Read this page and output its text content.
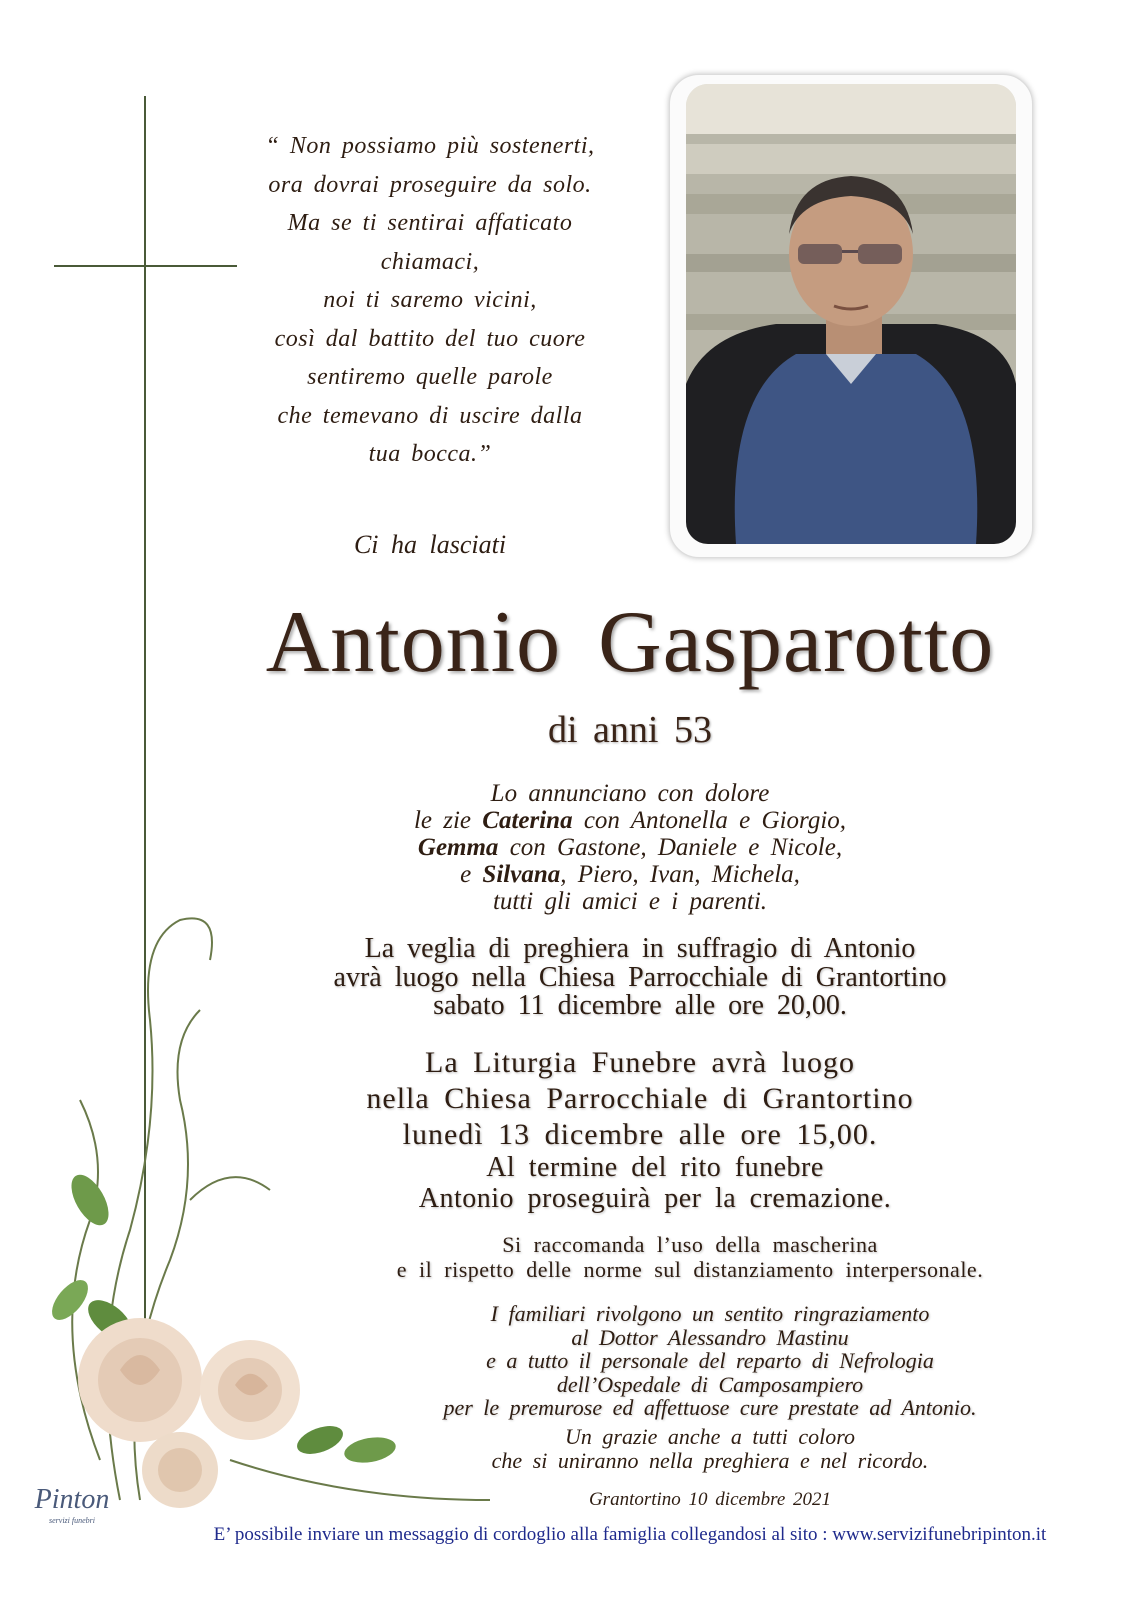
“ Non possiamo più sostenerti,
ora dovrai proseguire da solo.
Ma se ti sentirai affaticato
chiamaci,
noi ti saremo vicini,
così dal battito del tuo cuore
sentiremo quelle parole
che temevano di uscire dalla
tua bocca.”
Ci ha lasciati
Antonio Gasparotto
di anni 53
Lo annunciano con dolore
le zie Caterina con Antonella e Giorgio,
Gemma con Gastone, Daniele e Nicole,
e Silvana, Piero, Ivan, Michela,
tutti gli amici e i parenti.
La veglia di preghiera in suffragio di Antonio
avrà luogo nella Chiesa Parrocchiale di Grantortino
sabato 11 dicembre alle ore 20,00.
La Liturgia Funebre avrà luogo
nella Chiesa Parrocchiale di Grantortino
lunedì 13 dicembre alle ore 15,00.
Al termine del rito funebre
Antonio proseguirà per la cremazione.
Si raccomanda l’uso della mascherina
e il rispetto delle norme sul distanziamento interpersonale.
I familiari rivolgono un sentito ringraziamento
al Dottor Alessandro Mastinu
e a tutto il personale del reparto di Nefrologia
dell’Ospedale di Camposampiero
per le premurose ed affettuose cure prestate ad Antonio.
Un grazie anche a tutti coloro
che si uniranno nella preghiera e nel ricordo.
Grantortino 10 dicembre 2021
Pinton
servizi funebri
E’ possibile inviare un messaggio di cordoglio alla famiglia collegandosi al sito : www.servizifunebripinton.it
